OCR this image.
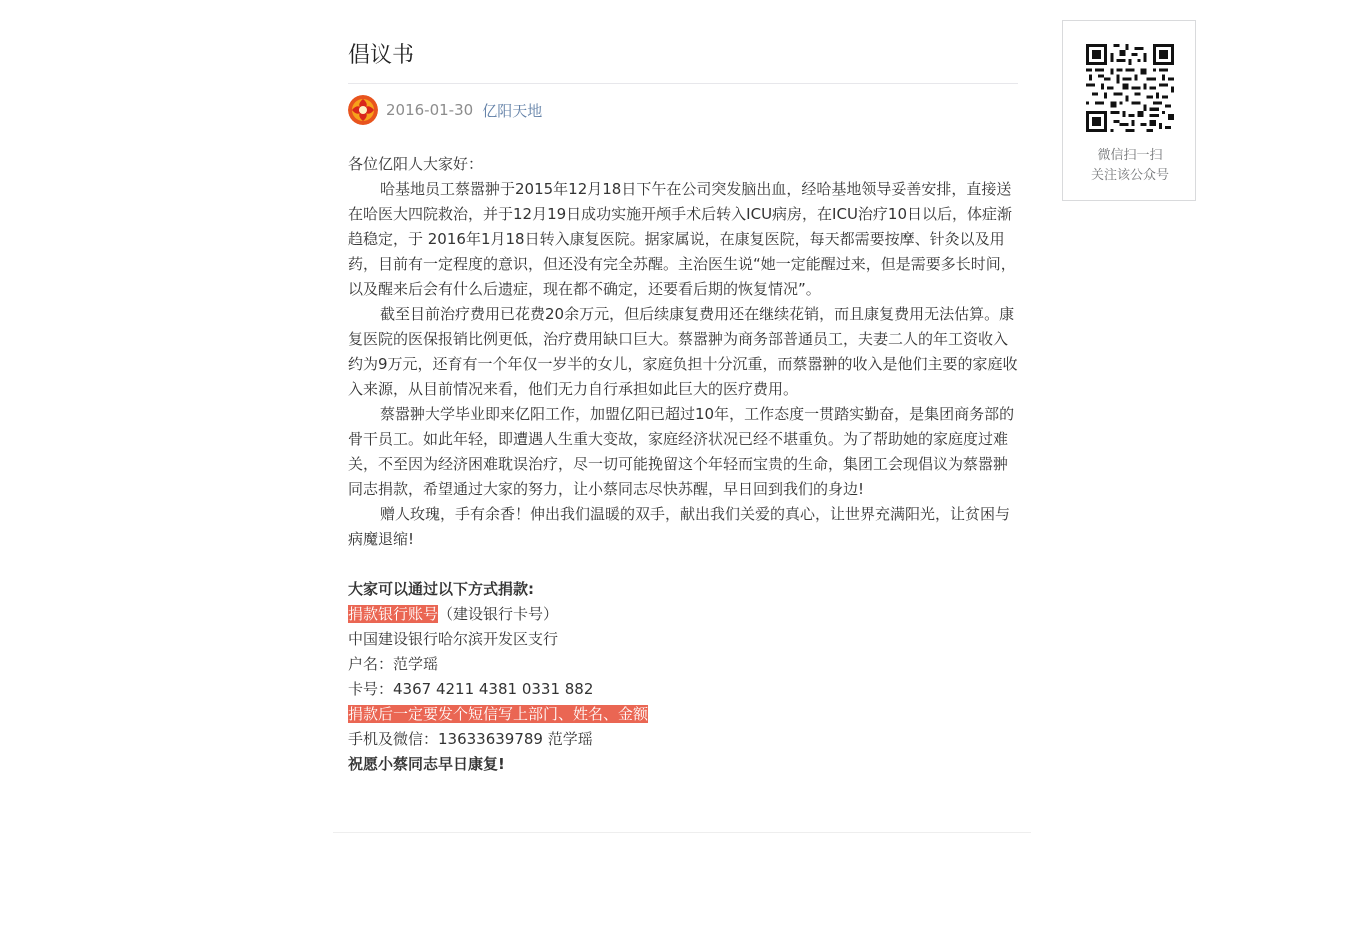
倡议书
2016-01-30 亿阳天地

各位亿阳人大家好：

哈基地员工蔡嚣翀于2015年12月18日下午在公司突发脑出血，经哈基地领导妥善安排，直接送在哈医大四院救治，并于12月19日成功实施开颅手术后转入ICU病房，在ICU治疗10日以后，体症渐趋稳定，于 2016年1月18日转入康复医院。据家属说，在康复医院，每天都需要按摩、针灸以及用药，目前有一定程度的意识，但还没有完全苏醒。主治医生说“她一定能醒过来，但是需要多长时间，以及醒来后会有什么后遗症，现在都不确定，还要看后期的恢复情况”。

截至目前治疗费用已花费20余万元，但后续康复费用还在继续花销，而且康复费用无法估算。康复医院的医保报销比例更低，治疗费用缺口巨大。蔡嚣翀为商务部普通员工，夫妻二人的年工资收入约为9万元，还育有一个年仅一岁半的女儿，家庭负担十分沉重，而蔡嚣翀的收入是他们主要的家庭收入来源，从目前情况来看，他们无力自行承担如此巨大的医疗费用。

蔡嚣翀大学毕业即来亿阳工作，加盟亿阳已超过10年，工作态度一贯踏实勤奋，是集团商务部的骨干员工。如此年轻，即遭遇人生重大变故，家庭经济状况已经不堪重负。为了帮助她的家庭度过难关，不至因为经济困难耽误治疗，尽一切可能挽留这个年轻而宝贵的生命，集团工会现倡议为蔡嚣翀同志捐款，希望通过大家的努力，让小蔡同志尽快苏醒，早日回到我们的身边!

赠人玫瑰，手有余香！伸出我们温暖的双手，献出我们关爱的真心，让世界充满阳光，让贫困与病魔退缩!

大家可以通过以下方式捐款:

捐款银行账号（建设银行卡号）

中国建设银行哈尔滨开发区支行

户名：范学瑶

卡号：4367 4211 4381 0331 882

捐款后一定要发个短信写上部门、姓名、金额

手机及微信：13633639789 范学瑶

祝愿小蔡同志早日康复!

微信扫一扫
关注该公众号
